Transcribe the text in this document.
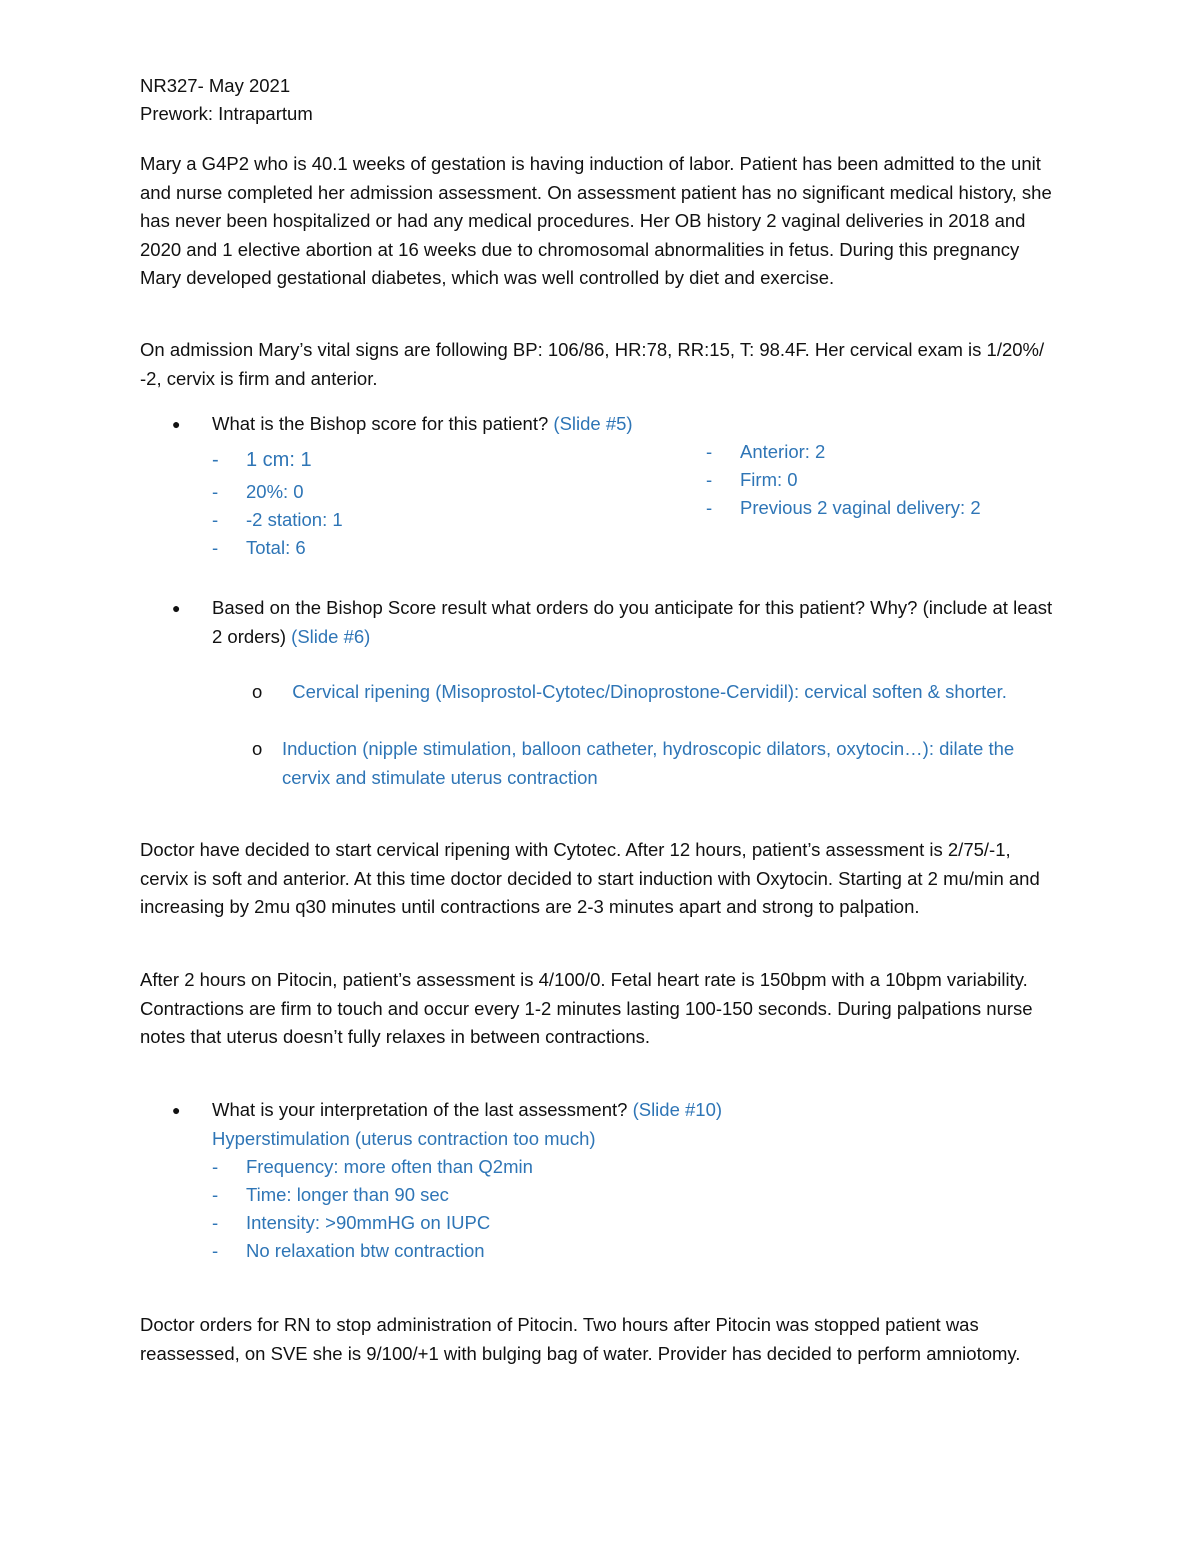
NR327- May 2021

Prework: Intrapartum

Mary a G4P2 who is 40.1 weeks of gestation is having induction of labor. Patient has been admitted to the unit and nurse completed her admission assessment. On assessment patient has no significant medical history, she has never been hospitalized or had any medical procedures. Her OB history 2 vaginal deliveries in 2018 and 2020 and 1 elective abortion at 16 weeks due to chromosomal abnormalities in fetus. During this pregnancy Mary developed gestational diabetes, which was well controlled by diet and exercise.

On admission Mary’s vital signs are following BP: 106/86, HR:78, RR:15, T: 98.4F. Her cervical exam is 1/20%/ -2, cervix is firm and anterior.

● What is the Bishop score for this patient? (Slide #5)
- 1 cm: 1
- 20%: 0
- -2 station: 1
- Total: 6
- Anterior: 2
- Firm: 0
- Previous 2 vaginal delivery: 2
● Based on the Bishop Score result what orders do you anticipate for this patient? Why? (include at least 2 orders) (Slide #6)
o Cervical ripening (Misoprostol-Cytotec/Dinoprostone-Cervidil): cervical soften & shorter.
o Induction (nipple stimulation, balloon catheter, hydroscopic dilators, oxytocin…): dilate the cervix and stimulate uterus contraction

Doctor have decided to start cervical ripening with Cytotec. After 12 hours, patient’s assessment is 2/75/-1, cervix is soft and anterior. At this time doctor decided to start induction with Oxytocin. Starting at 2 mu/min and increasing by 2mu q30 minutes until contractions are 2-3 minutes apart and strong to palpation.

After 2 hours on Pitocin, patient’s assessment is 4/100/0. Fetal heart rate is 150bpm with a 10bpm variability. Contractions are firm to touch and occur every 1-2 minutes lasting 100-150 seconds. During palpations nurse notes that uterus doesn’t fully relaxes in between contractions.

● What is your interpretation of the last assessment? (Slide #10)
Hyperstimulation (uterus contraction too much)
- Frequency: more often than Q2min
- Time: longer than 90 sec
- Intensity: >90mmHG on IUPC
- No relaxation btw contraction

Doctor orders for RN to stop administration of Pitocin. Two hours after Pitocin was stopped patient was reassessed, on SVE she is 9/100/+1 with bulging bag of water. Provider has decided to perform amniotomy.
